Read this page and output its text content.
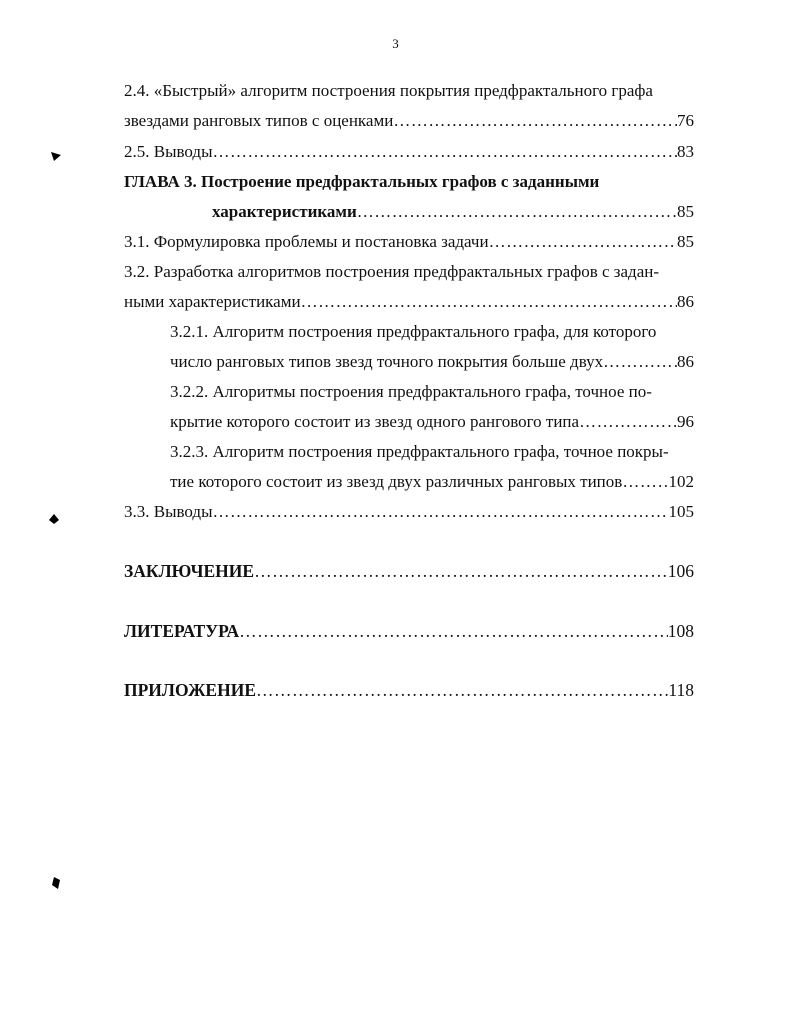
3
2.4. «Быстрый» алгоритм построения покрытия предфрактального графа
звездами ранговых типов с оценками …………………………………………………………………………………………………………………………	76
2.5. Выводы …………………………………………………………………………………………………………………………	83
ГЛАВА 3. Построение предфрактальных графов с заданными
характеристиками …………………………………………………………………………………………………………………………	85
3.1. Формулировка проблемы и постановка задачи …………………………………………………………………………………………………………………………	85
3.2. Разработка алгоритмов построения предфрактальных графов с задан-
ными характеристиками …………………………………………………………………………………………………………………………	86
3.2.1. Алгоритм построения предфрактального графа, для которого
число ранговых типов звезд точного покрытия больше двух …………………………………………………………………………………………………………………………	86
3.2.2. Алгоритмы построения предфрактального графа, точное по-
крытие которого состоит из звезд одного рангового типа …………………………………………………………………………………………………………………………	96
3.2.3. Алгоритм построения предфрактального графа, точное покры-
тие которого состоит из звезд двух различных ранговых типов …………………………………………………………………………………………………………………………	102
3.3. Выводы …………………………………………………………………………………………………………………………	105
ЗАКЛЮЧЕНИЕ …………………………………………………………………………………………………………………………	106
ЛИТЕРАТУРА …………………………………………………………………………………………………………………………	108
ПРИЛОЖЕНИЕ …………………………………………………………………………………………………………………………	118
